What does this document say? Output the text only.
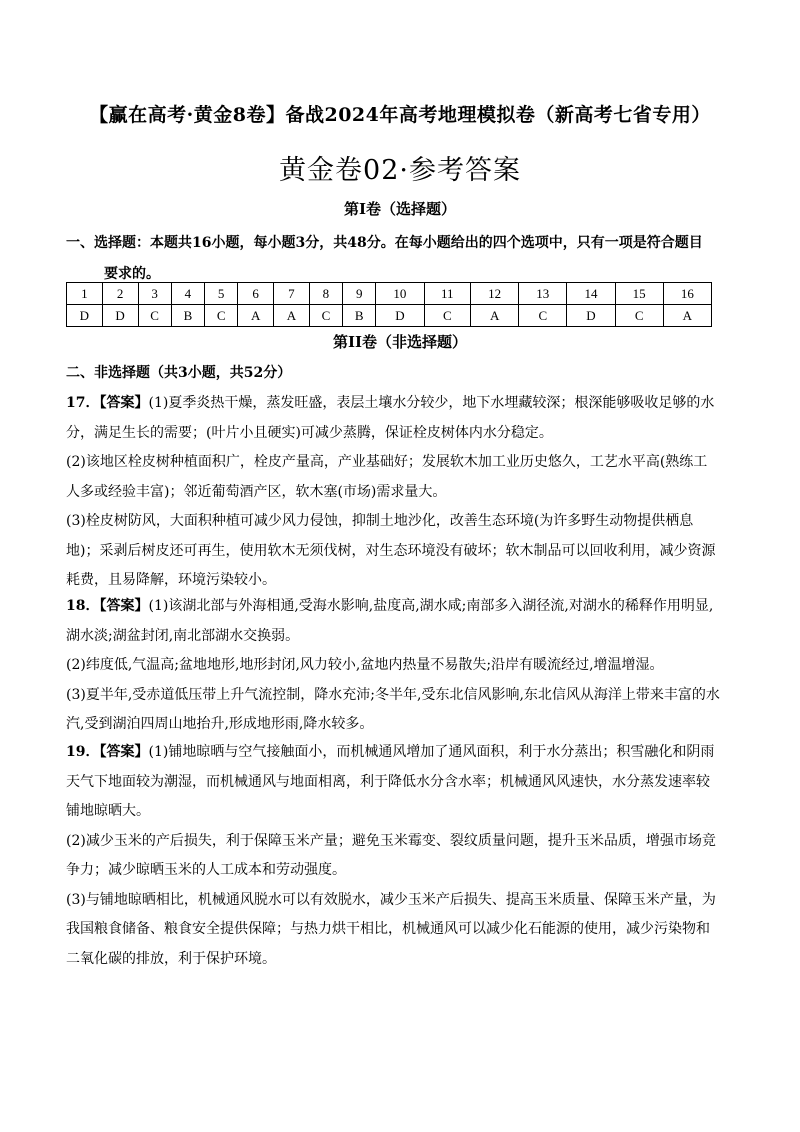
【赢在高考·黄金8卷】备战2024年高考地理模拟卷（新高考七省专用）
黄金卷02·参考答案
第I卷（选择题）
一、选择题：本题共16小题，每小题3分，共48分。在每小题给出的四个选项中，只有一项是符合题目
要求的。
1	2	3	4	5	6	7	8	9	10	11	12	13	14	15	16
D	D	C	B	C	A	A	C	B	D	C	A	C	D	C	A
第II卷（非选择题）
二、非选择题（共3小题，共52分）

17．【答案】(1)夏季炎热干燥，蒸发旺盛，表层土壤水分较少，地下水埋藏较深；根深能够吸收足够的水

分，满足生长的需要；(叶片小且硬实)可减少蒸腾，保证栓皮树体内水分稳定。

(2)该地区栓皮树种植面积广，栓皮产量高，产业基础好；发展软木加工业历史悠久，工艺水平高(熟练工

人多或经验丰富)；邻近葡萄酒产区，软木塞(市场)需求量大。

(3)栓皮树防风，大面积种植可减少风力侵蚀，抑制土地沙化，改善生态环境(为许多野生动物提供栖息

地)；采剥后树皮还可再生，使用软木无须伐树，对生态环境没有破坏；软木制品可以回收利用，减少资源

耗费，且易降解，环境污染较小。

18．【答案】(1)该湖北部与外海相通,受海水影响,盐度高,湖水咸;南部多入湖径流,对湖水的稀释作用明显,

湖水淡;湖盆封闭,南北部湖水交换弱。

(2)纬度低,气温高;盆地地形,地形封闭,风力较小,盆地内热量不易散失;沿岸有暖流经过,增温增湿。

(3)夏半年,受赤道低压带上升气流控制，降水充沛;冬半年,受东北信风影响,东北信风从海洋上带来丰富的水

汽,受到湖泊四周山地抬升,形成地形雨,降水较多。

19．【答案】(1)铺地晾晒与空气接触面小，而机械通风增加了通风面积，利于水分蒸出；积雪融化和阴雨

天气下地面较为潮湿，而机械通风与地面相离，利于降低水分含水率；机械通风风速快，水分蒸发速率较

铺地晾晒大。

(2)减少玉米的产后损失，利于保障玉米产量；避免玉米霉变、裂纹质量问题，提升玉米品质，增强市场竞

争力；减少晾晒玉米的人工成本和劳动强度。

(3)与铺地晾晒相比，机械通风脱水可以有效脱水，减少玉米产后损失、提高玉米质量、保障玉米产量，为

我国粮食储备、粮食安全提供保障；与热力烘干相比，机械通风可以减少化石能源的使用，减少污染物和

二氧化碳的排放，利于保护环境。
